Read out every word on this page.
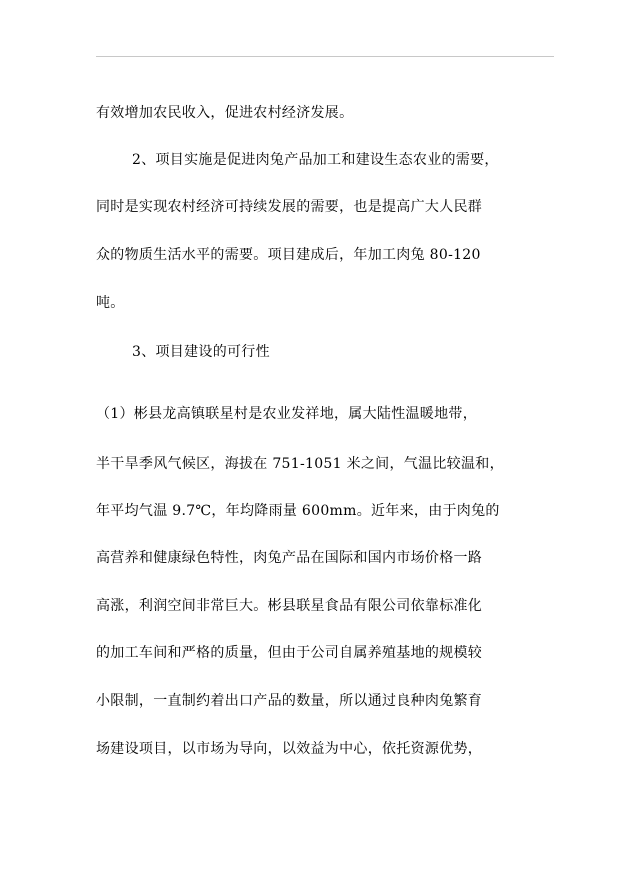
有效增加农民收入，促进农村经济发展。
2、项目实施是促进肉兔产品加工和建设生态农业的需要，
同时是实现农村经济可持续发展的需要，也是提高广大人民群
众的物质生活水平的需要。项目建成后，年加工肉兔 80-120
吨。
3、项目建设的可行性
（1）彬县龙高镇联星村是农业发祥地，属大陆性温暖地带，
半干旱季风气候区，海拔在 751-1051 米之间，气温比较温和，
年平均气温 9.7℃，年均降雨量 600mm。近年来，由于肉兔的
高营养和健康绿色特性，肉兔产品在国际和国内市场价格一路
高涨，利润空间非常巨大。彬县联星食品有限公司依靠标准化
的加工车间和严格的质量，但由于公司自属养殖基地的规模较
小限制，一直制约着出口产品的数量，所以通过良种肉兔繁育
场建设项目，以市场为导向，以效益为中心，依托资源优势，
